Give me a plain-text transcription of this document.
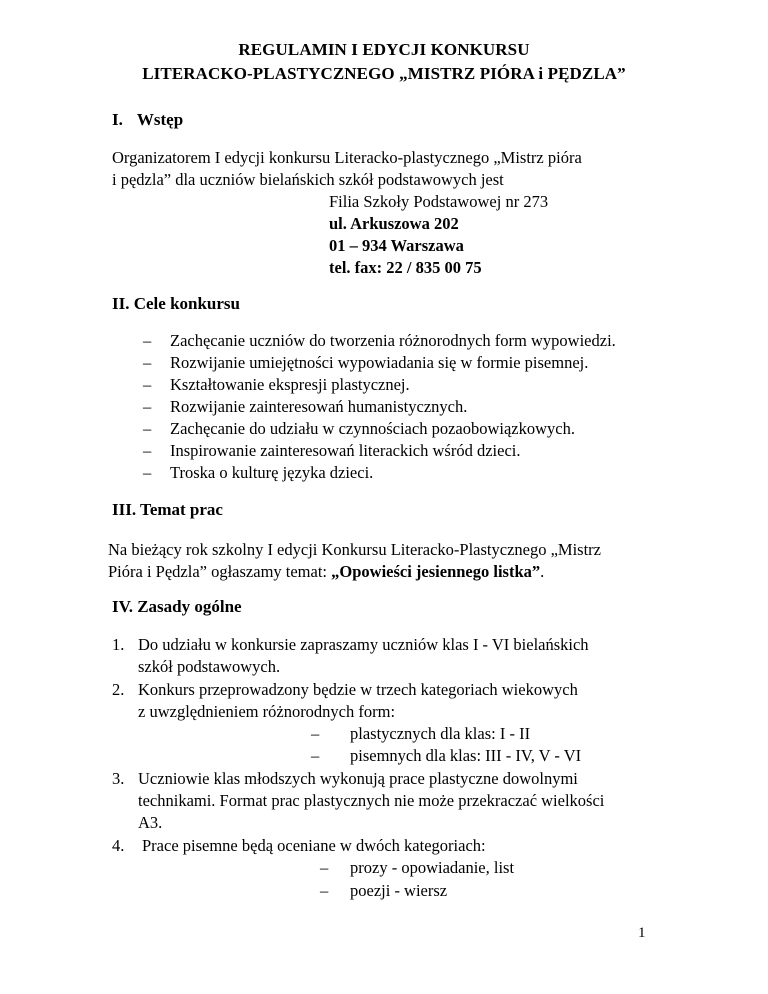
REGULAMIN I EDYCJI KONKURSU
LITERACKO-PLASTYCZNEGO „MISTRZ PIÓRA i PĘDZLA”
I. Wstęp
Organizatorem I edycji konkursu Literacko-plastycznego „Mistrz pióra
i pędzla” dla uczniów bielańskich szkół podstawowych jest
Filia Szkoły Podstawowej nr 273
ul. Arkuszowa 202
01 – 934 Warszawa
tel. fax: 22 / 835 00 75
II. Cele konkursu
– Zachęcanie uczniów do tworzenia różnorodnych form wypowiedzi.
– Rozwijanie umiejętności wypowiadania się w formie pisemnej.
– Kształtowanie ekspresji plastycznej.
– Rozwijanie zainteresowań humanistycznych.
– Zachęcanie do udziału w czynnościach pozaobowiązkowych.
– Inspirowanie zainteresowań literackich wśród dzieci.
– Troska o kulturę języka dzieci.
III. Temat prac
Na bieżący rok szkolny I edycji Konkursu Literacko-Plastycznego „Mistrz
Pióra i Pędzla” ogłaszamy temat: „Opowieści jesiennego listka”.
IV. Zasady ogólne
1. Do udziału w konkursie zapraszamy uczniów klas I - VI bielańskich
szkół podstawowych.
2. Konkurs przeprowadzony będzie w trzech kategoriach wiekowych
z uwzględnieniem różnorodnych form:
– plastycznych dla klas: I - II
– pisemnych dla klas: III - IV, V - VI
3. Uczniowie klas młodszych wykonują prace plastyczne dowolnymi
technikami. Format prac plastycznych nie może przekraczać wielkości
A3.
4. Prace pisemne będą oceniane w dwóch kategoriach:
– prozy - opowiadanie, list
– poezji - wiersz
1
